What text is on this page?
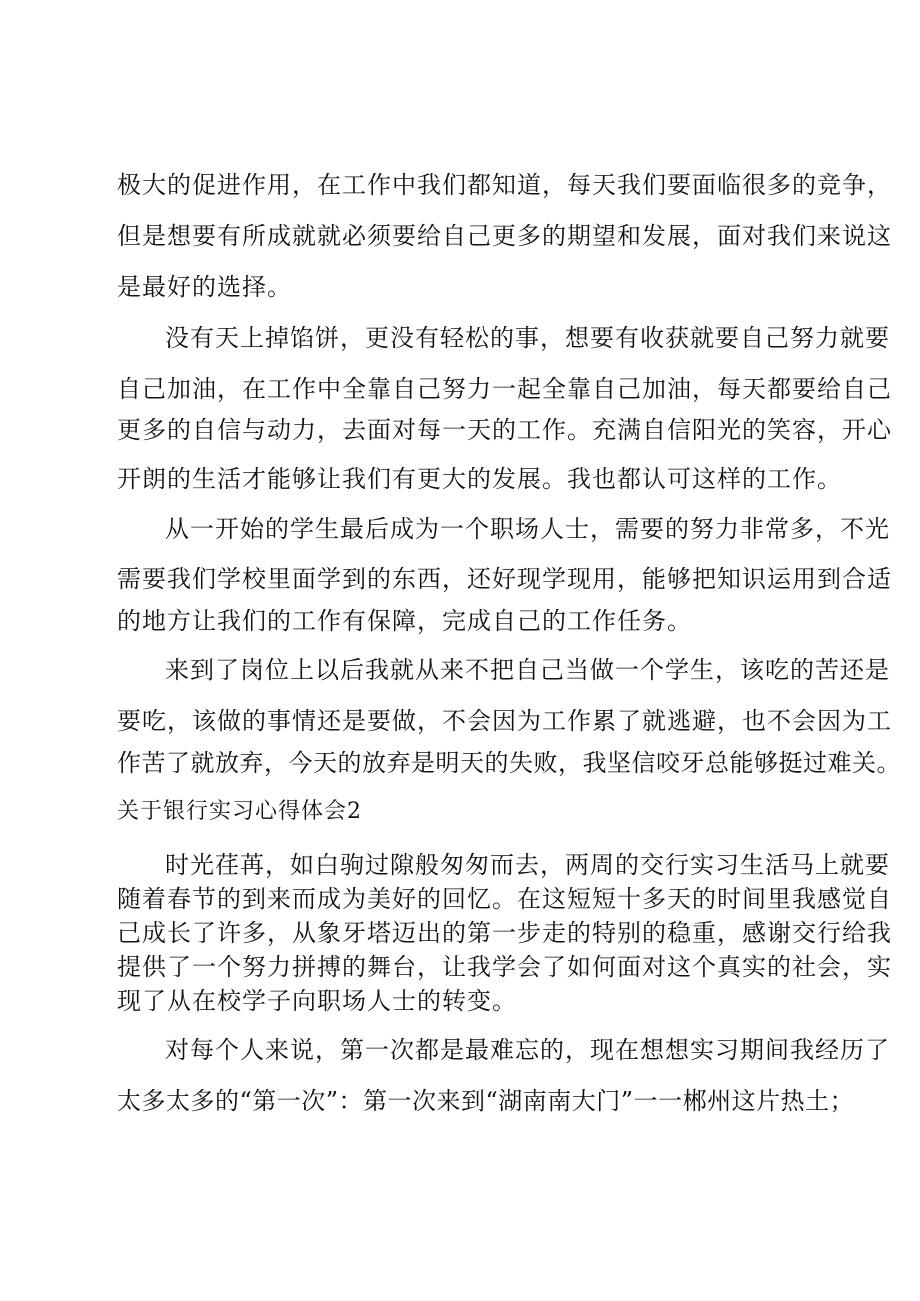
极 大 的 促 进 作 用 ， 在 工 作 中 我 们 都 知 道 ， 每 天 我 们 要 面 临 很 多 的 竞 争 ，
但 是 想 要 有 所 成 就 就 必 须 要 给 自 己 更 多 的 期 望 和 发 展 ， 面 对 我 们 来 说 这
是最好的选择。
没 有 天 上 掉 馅 饼 ， 更 没 有 轻 松 的 事 ， 想 要 有 收 获 就 要 自 己 努 力 就 要
自 己 加 油 ， 在 工 作 中 全 靠 自 己 努 力 一 起 全 靠 自 己 加 油 ， 每 天 都 要 给 自 己
更 多 的 自 信 与 动 力 ， 去 面 对 每 一 天 的 工 作 。 充 满 自 信 阳 光 的 笑 容 ， 开 心
开朗的生活才能够让我们有更大的发展。我也都认可这样的工作。
从 一 开 始 的 学 生 最 后 成 为 一 个 职 场 人 士 ， 需 要 的 努 力 非 常 多 ， 不 光
需 要 我 们 学 校 里 面 学 到 的 东 西 ， 还 好 现 学 现 用 ， 能 够 把 知 识 运 用 到 合 适
的地方让我们的工作有保障，完成自己的工作任务。
来 到 了 岗 位 上 以 后 我 就 从 来 不 把 自 己 当 做 一 个 学 生 ， 该 吃 的 苦 还 是
要 吃 ， 该 做 的 事 情 还 是 要 做 ， 不 会 因 为 工 作 累 了 就 逃 避 ， 也 不 会 因 为 工
作苦了就放弃，今天的放弃是明天的失败，我坚信咬牙总能够挺过难关。
关于银行实习心得体会2
时 光 荏 苒 ， 如 白 驹 过 隙 般 匆 匆 而 去 ， 两 周 的 交 行 实 习 生 活 马 上 就 要
随 着 春 节 的 到 来 而 成 为 美 好 的 回 忆 。 在 这 短 短 十 多 天 的 时 间 里 我 感 觉 自
己 成 长 了 许 多 ， 从 象 牙 塔 迈 出 的 第 一 步 走 的 特 别 的 稳 重 ， 感 谢 交 行 给 我
提 供 了 一 个 努 力 拼 搏 的 舞 台 ， 让 我 学 会 了 如 何 面 对 这 个 真 实 的 社 会 ， 实
现了从在校学子向职场人士的转变。
对 每 个 人 来 说 ， 第 一 次 都 是 最 难 忘 的 ， 现 在 想 想 实 习 期 间 我 经 历 了
太多太多的“第一次”：第一次来到“湖南南大门”一一郴州这片热土；
